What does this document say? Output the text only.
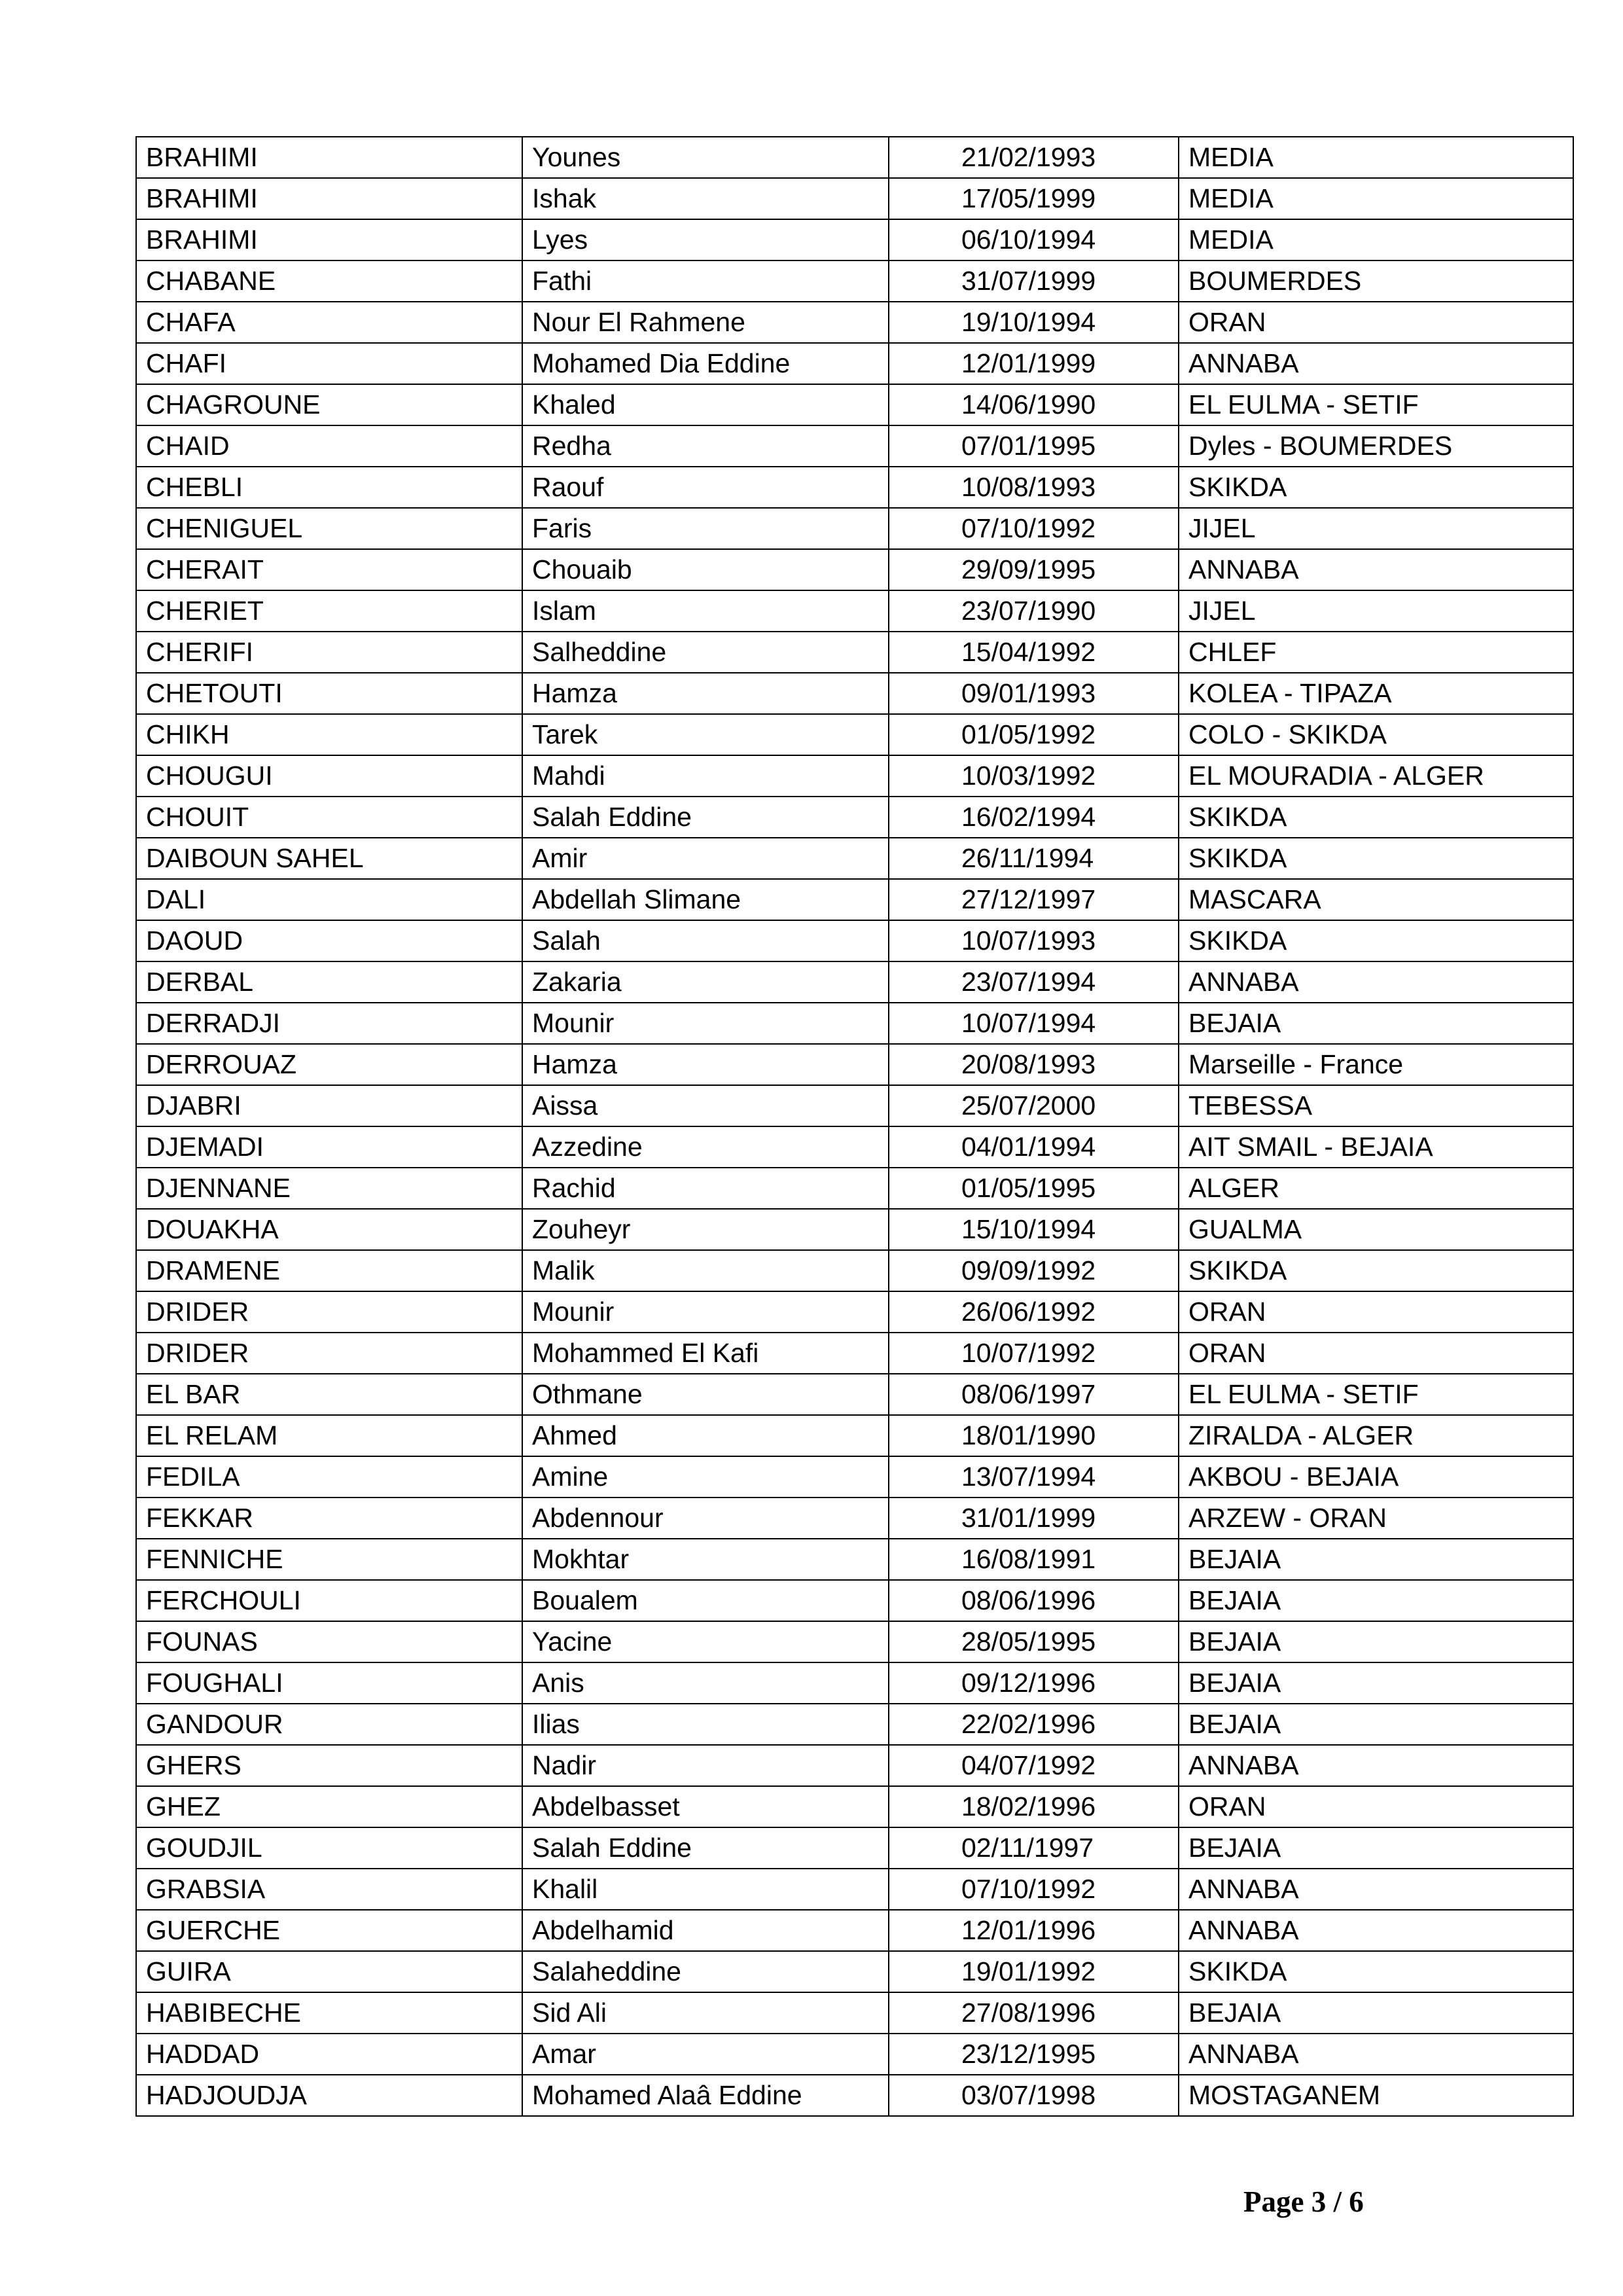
BRAHIMI	Younes	21/02/1993	MEDIA
BRAHIMI	Ishak	17/05/1999	MEDIA
BRAHIMI	Lyes	06/10/1994	MEDIA
CHABANE	Fathi	31/07/1999	BOUMERDES
CHAFA	Nour El Rahmene	19/10/1994	ORAN
CHAFI	Mohamed Dia Eddine	12/01/1999	ANNABA
CHAGROUNE	Khaled	14/06/1990	EL EULMA - SETIF
CHAID	Redha	07/01/1995	Dyles - BOUMERDES
CHEBLI	Raouf	10/08/1993	SKIKDA
CHENIGUEL	Faris	07/10/1992	JIJEL
CHERAIT	Chouaib	29/09/1995	ANNABA
CHERIET	Islam	23/07/1990	JIJEL
CHERIFI	Salheddine	15/04/1992	CHLEF
CHETOUTI	Hamza	09/01/1993	KOLEA - TIPAZA
CHIKH	Tarek	01/05/1992	COLO - SKIKDA
CHOUGUI	Mahdi	10/03/1992	EL MOURADIA - ALGER
CHOUIT	Salah Eddine	16/02/1994	SKIKDA
DAIBOUN SAHEL	Amir	26/11/1994	SKIKDA
DALI	Abdellah Slimane	27/12/1997	MASCARA
DAOUD	Salah	10/07/1993	SKIKDA
DERBAL	Zakaria	23/07/1994	ANNABA
DERRADJI	Mounir	10/07/1994	BEJAIA
DERROUAZ	Hamza	20/08/1993	Marseille - France
DJABRI	Aissa	25/07/2000	TEBESSA
DJEMADI	Azzedine	04/01/1994	AIT SMAIL - BEJAIA
DJENNANE	Rachid	01/05/1995	ALGER
DOUAKHA	Zouheyr	15/10/1994	GUALMA
DRAMENE	Malik	09/09/1992	SKIKDA
DRIDER	Mounir	26/06/1992	ORAN
DRIDER	Mohammed El Kafi	10/07/1992	ORAN
EL BAR	Othmane	08/06/1997	EL EULMA - SETIF
EL RELAM	Ahmed	18/01/1990	ZIRALDA - ALGER
FEDILA	Amine	13/07/1994	AKBOU - BEJAIA
FEKKAR	Abdennour	31/01/1999	ARZEW - ORAN
FENNICHE	Mokhtar	16/08/1991	BEJAIA
FERCHOULI	Boualem	08/06/1996	BEJAIA
FOUNAS	Yacine	28/05/1995	BEJAIA
FOUGHALI	Anis	09/12/1996	BEJAIA
GANDOUR	Ilias	22/02/1996	BEJAIA
GHERS	Nadir	04/07/1992	ANNABA
GHEZ	Abdelbasset	18/02/1996	ORAN
GOUDJIL	Salah Eddine	02/11/1997	BEJAIA
GRABSIA	Khalil	07/10/1992	ANNABA
GUERCHE	Abdelhamid	12/01/1996	ANNABA
GUIRA	Salaheddine	19/01/1992	SKIKDA
HABIBECHE	Sid Ali	27/08/1996	BEJAIA
HADDAD	Amar	23/12/1995	ANNABA
HADJOUDJA	Mohamed Alaâ Eddine	03/07/1998	MOSTAGANEM
Page 3 / 6
